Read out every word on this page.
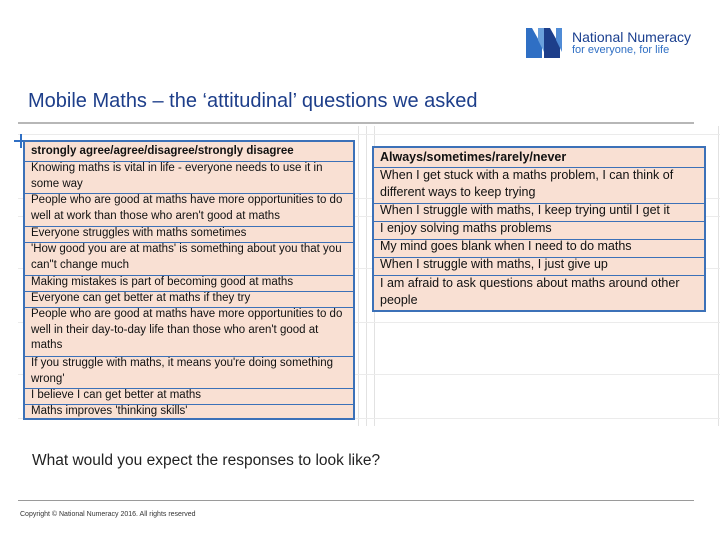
National Numeracy
for everyone, for life
Mobile Maths – the ‘attitudinal’ questions we asked
strongly agree/agree/disagree/strongly disagree
Knowing maths is vital in life - everyone needs to use it in some way
People who are good at maths have more opportunities to do well at work than those who aren't good at maths
Everyone struggles with maths sometimes
'How good you are at maths' is something about you that you can"t change much
Making mistakes is part of becoming good at maths
Everyone can get better at maths if they try
People who are good at maths have more opportunities to do well in their day-to-day life than those who aren't good at maths
If you struggle with maths, it means you're doing something wrong'
I believe I can get better at maths
Maths improves 'thinking skills'
Always/sometimes/rarely/never
When I get stuck with a maths problem, I can think of different ways to keep trying
When I struggle with maths, I keep trying until I get it
I enjoy solving maths problems
My mind goes blank when I need to do maths
When I struggle with maths, I just give up
I am afraid to ask questions about maths around other people
What would you expect the responses to look like?
Copyright © National Numeracy 2016. All rights reserved
